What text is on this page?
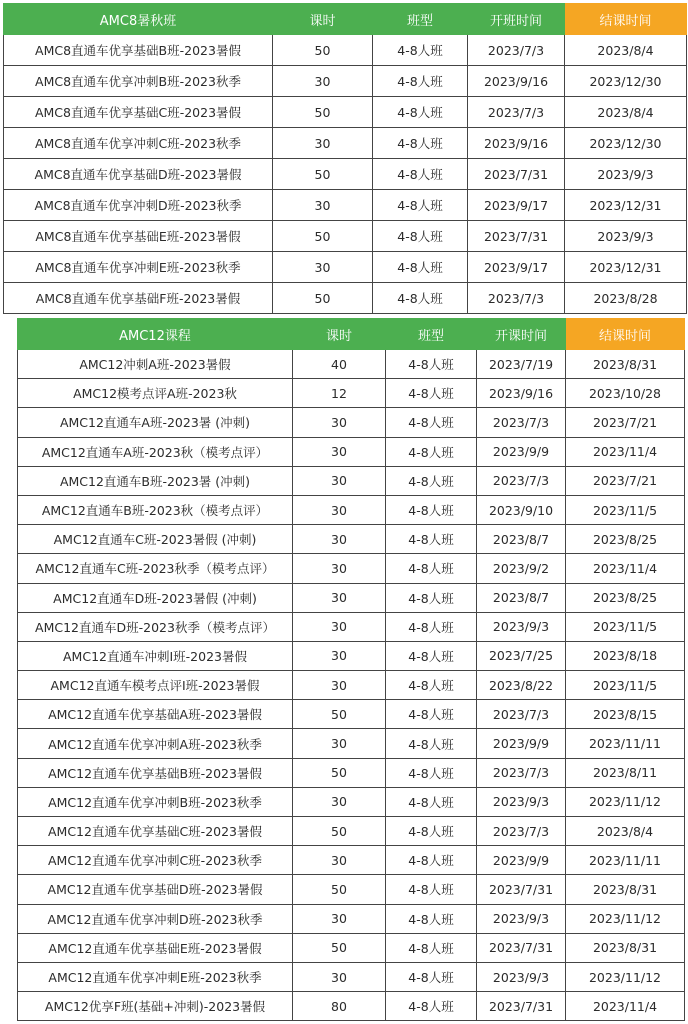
AMC8暑秋班	课时	班型	开班时间	结课时间
AMC8直通车优享基础B班-2023暑假	50	4-8人班	2023/7/3	2023/8/4
AMC8直通车优享冲刺B班-2023秋季	30	4-8人班	2023/9/16	2023/12/30
AMC8直通车优享基础C班-2023暑假	50	4-8人班	2023/7/3	2023/8/4
AMC8直通车优享冲刺C班-2023秋季	30	4-8人班	2023/9/16	2023/12/30
AMC8直通车优享基础D班-2023暑假	50	4-8人班	2023/7/31	2023/9/3
AMC8直通车优享冲刺D班-2023秋季	30	4-8人班	2023/9/17	2023/12/31
AMC8直通车优享基础E班-2023暑假	50	4-8人班	2023/7/31	2023/9/3
AMC8直通车优享冲刺E班-2023秋季	30	4-8人班	2023/9/17	2023/12/31
AMC8直通车优享基础F班-2023暑假	50	4-8人班	2023/7/3	2023/8/28
AMC12课程	课时	班型	开课时间	结课时间
AMC12冲刺A班-2023暑假	40	4-8人班	2023/7/19	2023/8/31
AMC12模考点评A班-2023秋	12	4-8人班	2023/9/16	2023/10/28
AMC12直通车A班-2023暑 (冲刺)	30	4-8人班	2023/7/3	2023/7/21
AMC12直通车A班-2023秋（模考点评）	30	4-8人班	2023/9/9	2023/11/4
AMC12直通车B班-2023暑 (冲刺)	30	4-8人班	2023/7/3	2023/7/21
AMC12直通车B班-2023秋（模考点评）	30	4-8人班	2023/9/10	2023/11/5
AMC12直通车C班-2023暑假 (冲刺)	30	4-8人班	2023/8/7	2023/8/25
AMC12直通车C班-2023秋季（模考点评）	30	4-8人班	2023/9/2	2023/11/4
AMC12直通车D班-2023暑假 (冲刺)	30	4-8人班	2023/8/7	2023/8/25
AMC12直通车D班-2023秋季（模考点评）	30	4-8人班	2023/9/3	2023/11/5
AMC12直通车冲刺I班-2023暑假	30	4-8人班	2023/7/25	2023/8/18
AMC12直通车模考点评I班-2023暑假	30	4-8人班	2023/8/22	2023/11/5
AMC12直通车优享基础A班-2023暑假	50	4-8人班	2023/7/3	2023/8/15
AMC12直通车优享冲刺A班-2023秋季	30	4-8人班	2023/9/9	2023/11/11
AMC12直通车优享基础B班-2023暑假	50	4-8人班	2023/7/3	2023/8/11
AMC12直通车优享冲刺B班-2023秋季	30	4-8人班	2023/9/3	2023/11/12
AMC12直通车优享基础C班-2023暑假	50	4-8人班	2023/7/3	2023/8/4
AMC12直通车优享冲刺C班-2023秋季	30	4-8人班	2023/9/9	2023/11/11
AMC12直通车优享基础D班-2023暑假	50	4-8人班	2023/7/31	2023/8/31
AMC12直通车优享冲刺D班-2023秋季	30	4-8人班	2023/9/3	2023/11/12
AMC12直通车优享基础E班-2023暑假	50	4-8人班	2023/7/31	2023/8/31
AMC12直通车优享冲刺E班-2023秋季	30	4-8人班	2023/9/3	2023/11/12
AMC12优享F班(基础+冲刺)-2023暑假	80	4-8人班	2023/7/31	2023/11/4
